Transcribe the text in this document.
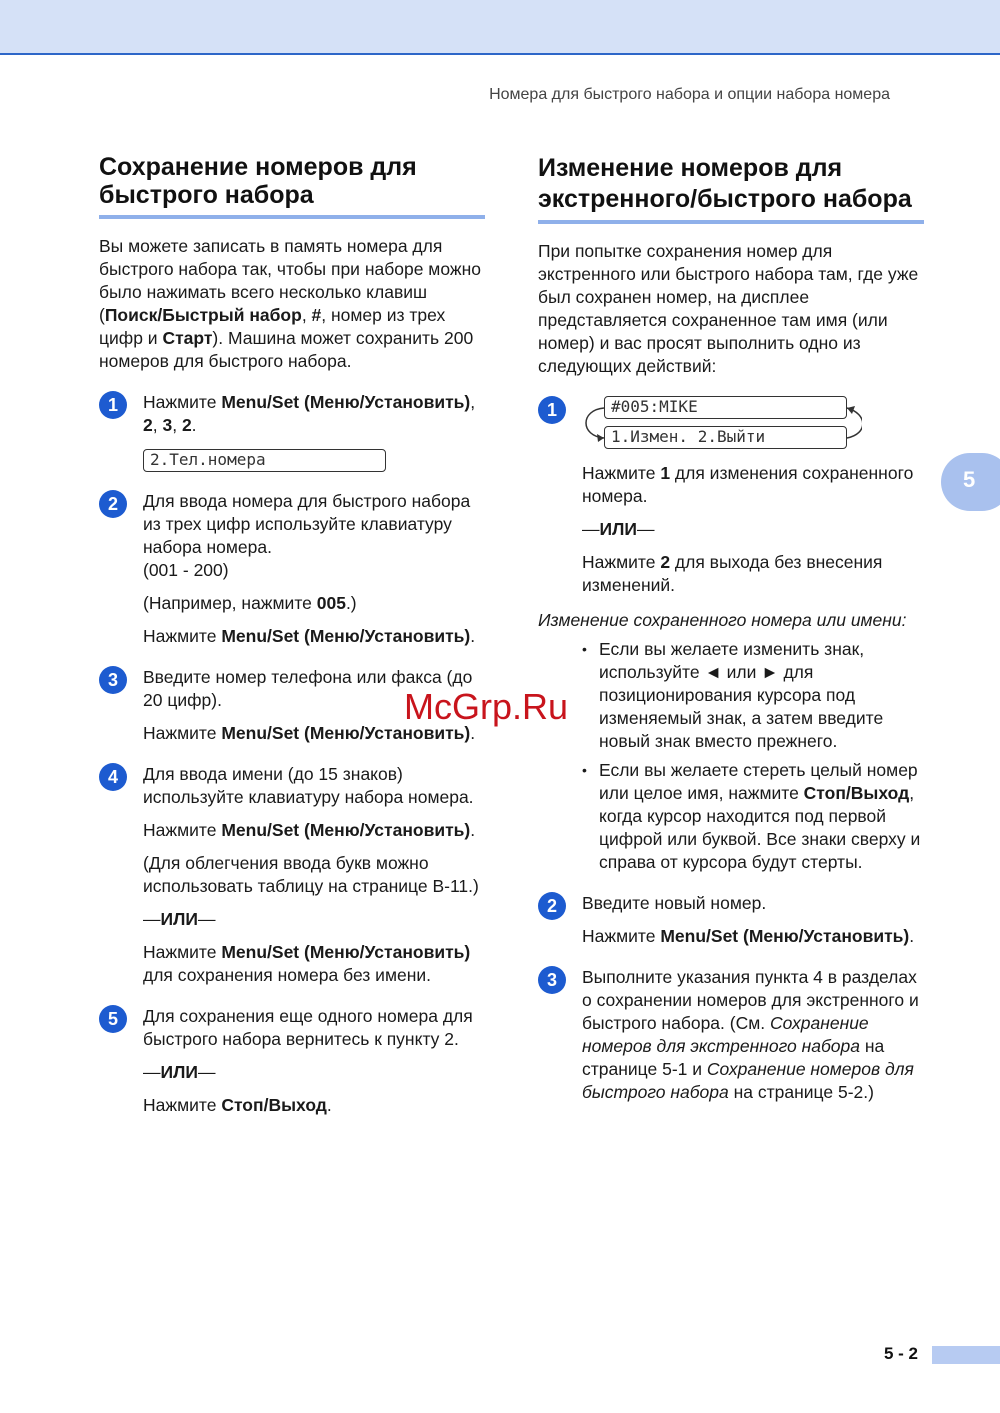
Номера для быстрого набора и опции набора номера
5
Сохранение номеров для быстрого набора

Вы можете записать в память номера для быстрого набора так, чтобы при наборе можно было нажимать всего несколько клавиш (Поиск/Быстрый набор, #, номер из трех цифр и Старт). Машина может сохранить 200 номеров для быстрого набора.

1	Нажмите Menu/Set (Меню/Установить), 2, 3, 2.
2.Тел.номера
2	Для ввода номера для быстрого набора из трех цифр используйте клавиатуру набора номера.
(001 - 200)
(Например, нажмите 005.)
Нажмите Menu/Set (Меню/Установить).
3	Введите номер телефона или факса (до 20 цифр).
Нажмите Menu/Set (Меню/Установить).
4	Для ввода имени (до 15 знаков) используйте клавиатуру набора номера.
Нажмите Menu/Set (Меню/Установить).
(Для облегчения ввода букв можно использовать таблицу на странице B-11.)
—ИЛИ—
Нажмите Menu/Set (Меню/Установить) для сохранения номера без имени.
5	Для сохранения еще одного номера для быстрого набора вернитесь к пункту 2.
—ИЛИ—
Нажмите Стоп/Выход.
Изменение номеров для экстренного/быстрого набора

При попытке сохранения номер для экстренного или быстрого набора там, где уже был сохранен номер, на дисплее представляется сохраненное там имя (или номер) и вас просят выполнить одно из следующих действий:

1	#005:MIKE
1.Измен. 2.Выйти
Нажмите 1 для изменения сохраненного номера.
—ИЛИ—
Нажмите 2 для выхода без внесения изменений.
Изменение сохраненного номера или имени:
• Если вы желаете изменить знак, используйте ◄ или ► для позиционирования курсора под изменяемый знак, а затем введите новый знак вместо прежнего.
• Если вы желаете стереть целый номер или целое имя, нажмите Стоп/Выход, когда курсор находится под первой цифрой или буквой. Все знаки сверху и справа от курсора будут стерты.
2	Введите новый номер.
Нажмите Menu/Set (Меню/Установить).
3	Выполните указания пункта 4 в разделах о сохранении номеров для экстренного и быстрого набора. (См. Сохранение номеров для экстренного набора на странице 5-1 и Сохранение номеров для быстрого набора на странице 5-2.)
McGrp.Ru
5 - 2
